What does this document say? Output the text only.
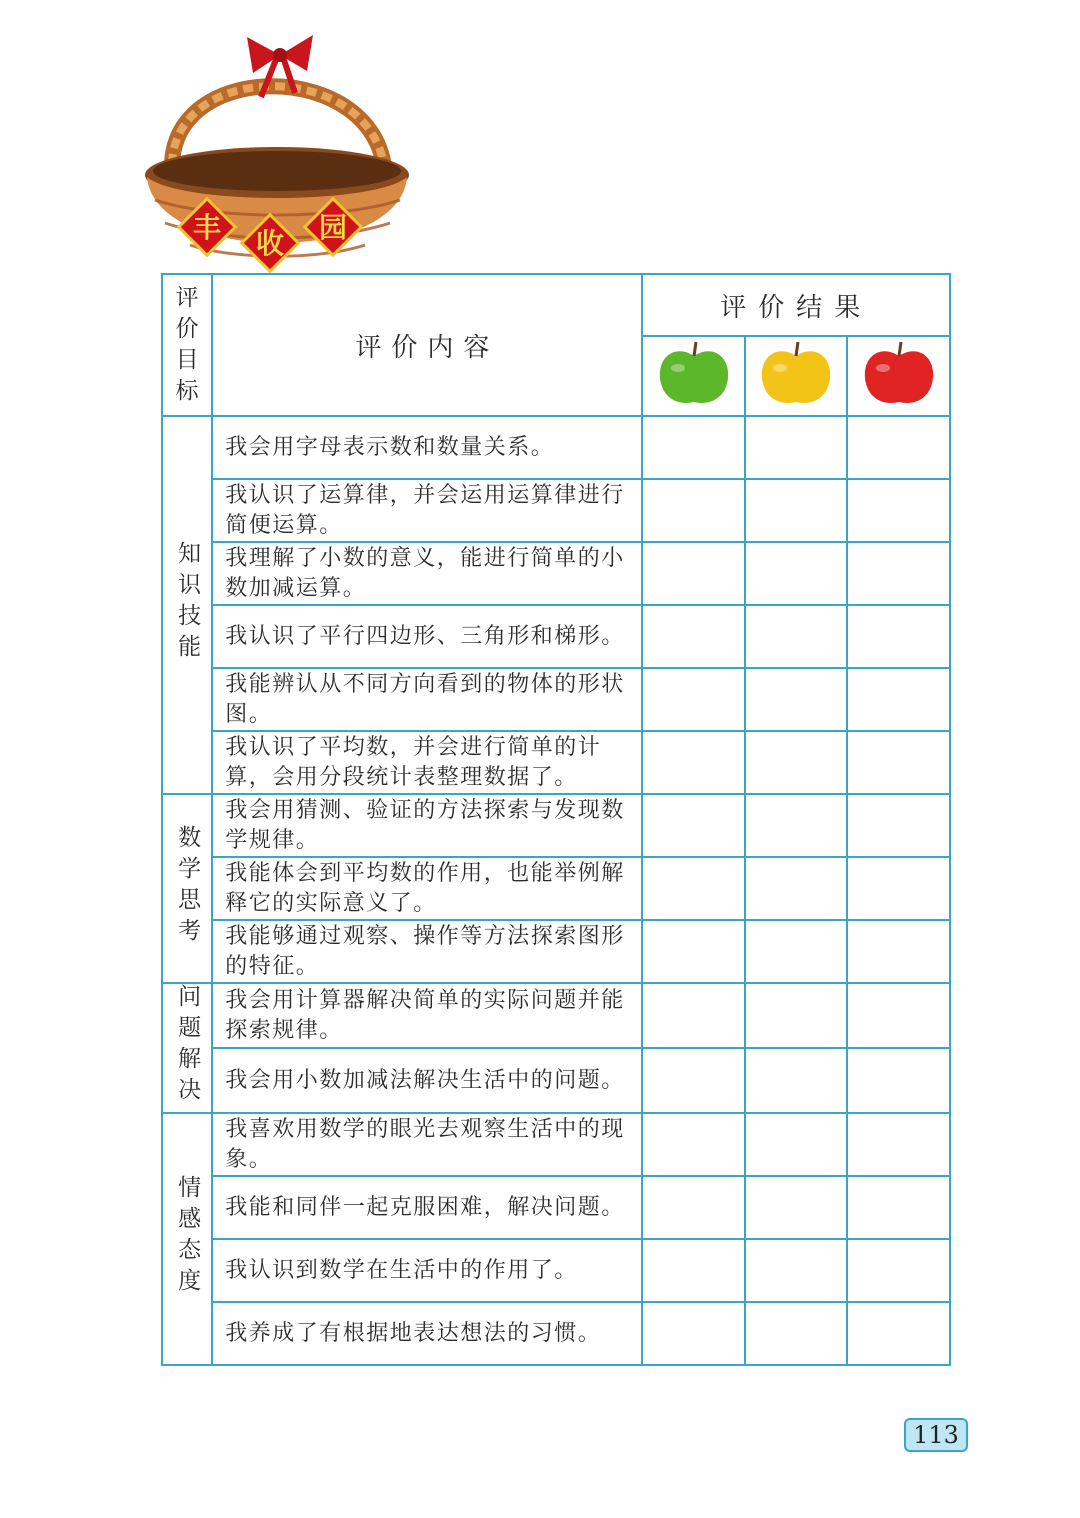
丰 收 园
评
价
目
标	评价内容	评价结果		

知识技能	我会用字母表示数和数量关系。			
	我认识了运算律，并会运用运算律进行简便运算。			
	我理解了小数的意义，能进行简单的小数加减运算。			
	我认识了平行四边形、三角形和梯形。			
	我能辨认从不同方向看到的物体的形状图。			
	我认识了平均数，并会进行简单的计算，会用分段统计表整理数据了。			
数学思考	我会用猜测、验证的方法探索与发现数学规律。			
	我能体会到平均数的作用，也能举例解释它的实际意义了。			
	我能够通过观察、操作等方法探索图形的特征。			
问题解决	我会用计算器解决简单的实际问题并能探索规律。			
	我会用小数加减法解决生活中的问题。			
情感态度	我喜欢用数学的眼光去观察生活中的现象。			
	我能和同伴一起克服困难，解决问题。			
	我认识到数学在生活中的作用了。			
	我养成了有根据地表达想法的习惯。			
113
